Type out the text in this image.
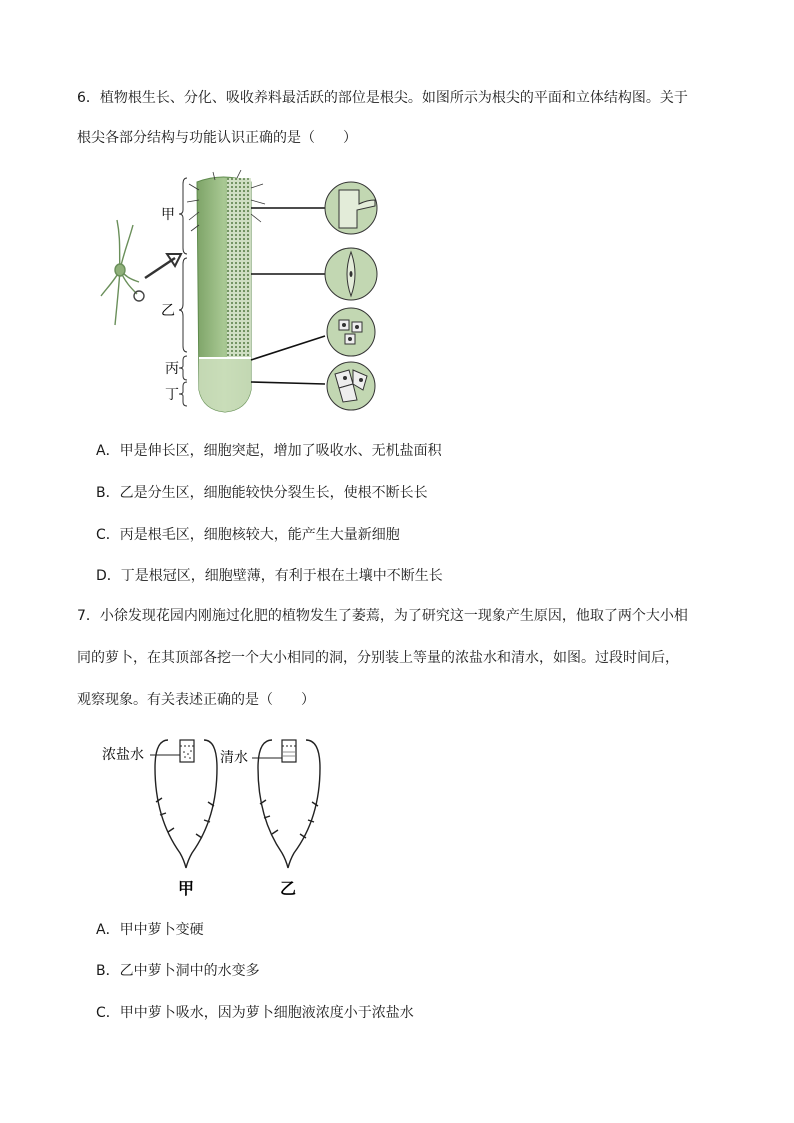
6．植物根生长、分化、吸收养料最活跃的部位是根尖。如图所示为根尖的平面和立体结构图。关于
根尖各部分结构与功能认识正确的是（　　）
甲
乙
丙
丁
A．甲是伸长区，细胞突起，增加了吸收水、无机盐面积
B．乙是分生区，细胞能较快分裂生长，使根不断长长
C．丙是根毛区，细胞核较大，能产生大量新细胞
D．丁是根冠区，细胞壁薄，有利于根在土壤中不断生长
7．小徐发现花园内刚施过化肥的植物发生了萎蔫，为了研究这一现象产生原因，他取了两个大小相
同的萝卜，在其顶部各挖一个大小相同的洞，分别装上等量的浓盐水和清水，如图。过段时间后，
观察现象。有关表述正确的是（　　）
浓盐水	清水
甲	乙
A．甲中萝卜变硬
B．乙中萝卜洞中的水变多
C．甲中萝卜吸水，因为萝卜细胞液浓度小于浓盐水
